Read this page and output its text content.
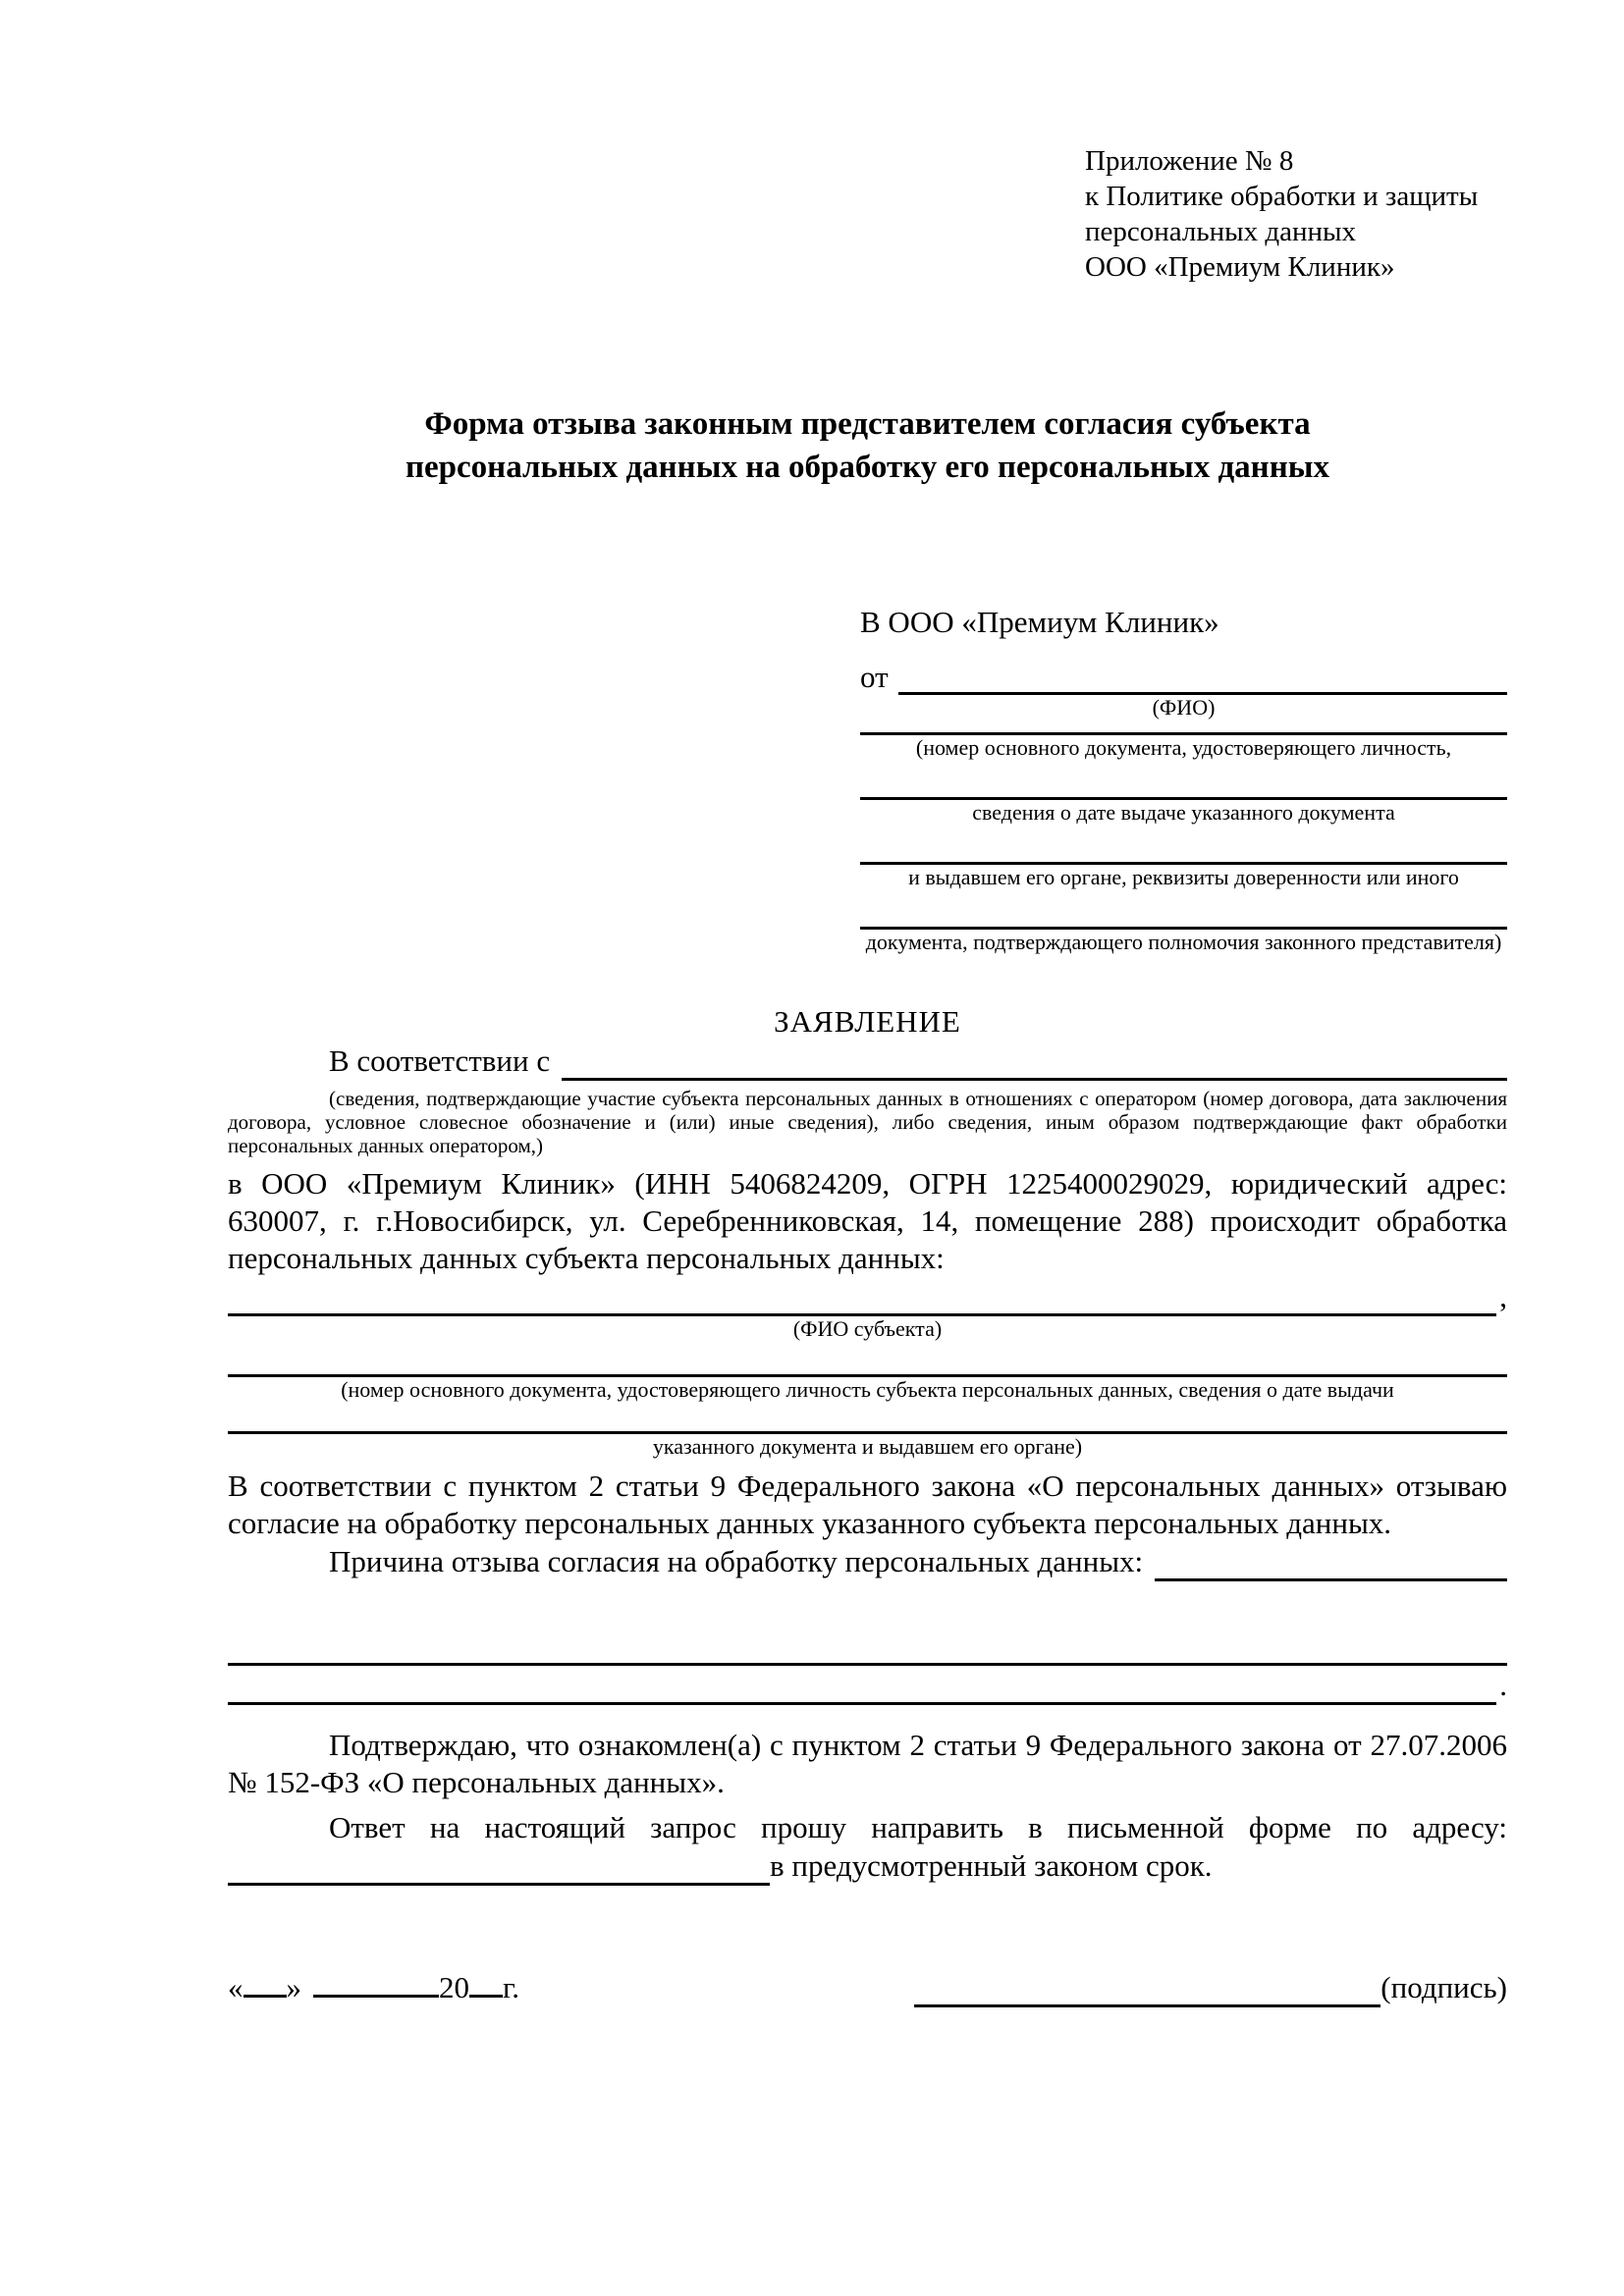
Приложение № 8
к Политике обработки и защиты
персональных данных
ООО «Премиум Клиник»
Форма отзыва законным представителем согласия субъекта
персональных данных на обработку его персональных данных
В ООО «Премиум Клиник»
от
(ФИО)
(номер основного документа, удостоверяющего личность,
сведения о дате выдаче указанного документа
и выдавшем его органе, реквизиты доверенности или иного
документа, подтверждающего полномочия законного представителя)
ЗАЯВЛЕНИЕ
В соответствии с

(сведения, подтверждающие участие субъекта персональных данных в отношениях с оператором (номер договора, дата заключения договора, условное словесное обозначение и (или) иные сведения), либо сведения, иным образом подтверждающие факт обработки персональных данных оператором,)

в ООО «Премиум Клиник» (ИНН 5406824209, ОГРН 1225400029029, юридический адрес: 630007, г. г.Новосибирск, ул. Серебренниковская, 14, помещение 288) происходит обработка персональных данных субъекта персональных данных:

,
(ФИО субъекта)
(номер основного документа, удостоверяющего личность субъекта персональных данных, сведения о дате выдачи
указанного документа и выдавшем его органе)

В соответствии с пунктом 2 статьи 9 Федерального закона «О персональных данных» отзываю согласие на обработку персональных данных указанного субъекта персональных данных.

Причина отзыва согласия на обработку персональных данных:
.

Подтверждаю, что ознакомлен(а) с пунктом 2 статьи 9 Федерального закона от 27.07.2006 № 152-ФЗ «О персональных данных».

Ответ на настоящий запрос прошу направить в письменной форме по адресу:

в предусмотренный законом срок.
« »	20 г.	(подпись)
